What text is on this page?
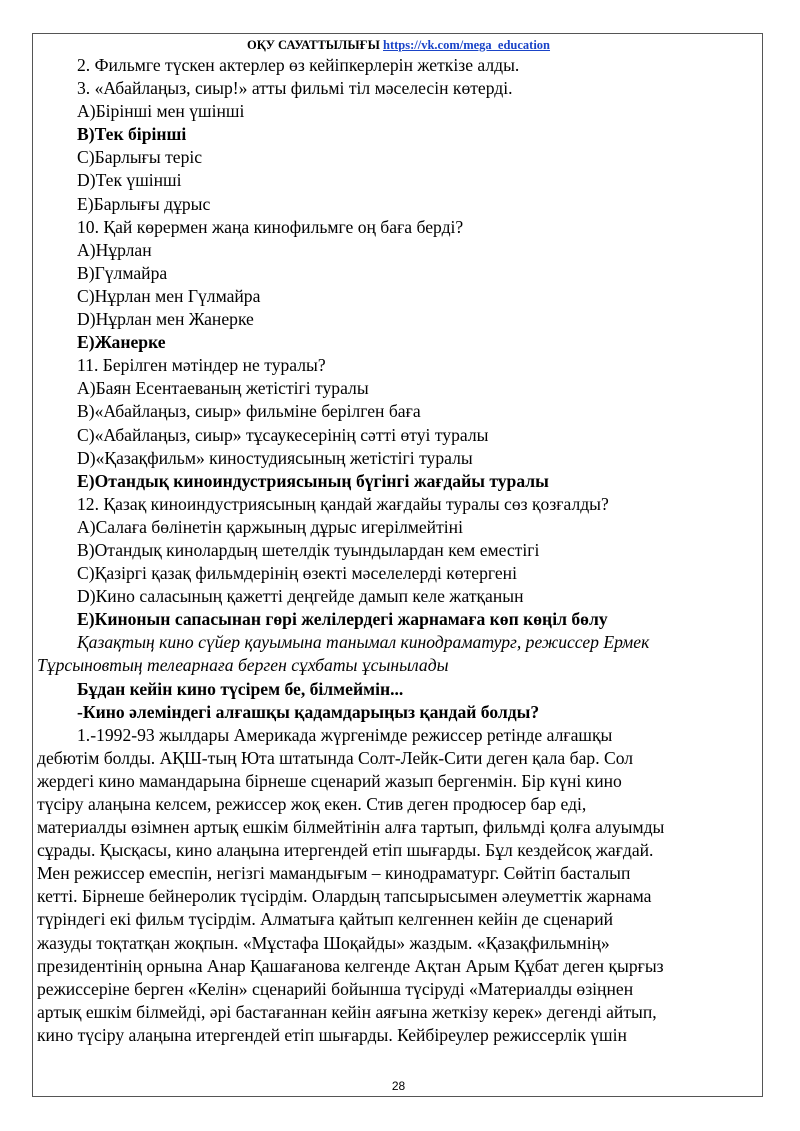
ОҚУ САУАТТЫЛЫҒЫ https://vk.com/mega_education
2. Фильмге түскен актерлер өз кейіпкерлерін жеткізе алды.
3. «Абайлаңыз, сиыр!» атты фильмі тіл мәселесін көтерді.
A)Бірінші мен үшінші
B)Тек бірінші
C)Барлығы теріс
D)Тек үшінші
E)Барлығы дұрыс
10. Қай көрермен жаңа кинофильмге оң баға берді?
A)Нұрлан
B)Гүлмайра
C)Нұрлан мен Гүлмайра
D)Нұрлан мен Жанерке
E)Жанерке
11. Берілген мәтіндер не туралы?
A)Баян Есентаеваның жетістігі туралы
B)«Абайлаңыз, сиыр» фильміне берілген баға
C)«Абайлаңыз, сиыр» тұсаукесерінің сәтті өтуі туралы
D)«Қазақфильм» киностудиясының жетістігі туралы
E)Отандық киноиндустриясының бүгінгі жағдайы туралы
12. Қазақ киноиндустриясының қандай жағдайы туралы сөз қозғалды?
A)Салаға бөлінетін қаржының дұрыс игерілмейтіні
B)Отандық кинолардың шетелдік туындылардан кем еместігі
C)Қазіргі қазақ фильмдерінің өзекті мәселелерді көтергені
D)Кино саласының қажетті деңгейде дамып келе жатқанын
E)Кинонын сапасынан гөрі желілердегі жарнамаға көп көңіл бөлу
Қазақтың кино сүйер қауымына танымал кинодраматург, режиссер Ермек
Тұрсыновтың телеарнаға берген сұхбаты ұсынылады
Бұдан кейін кино түсірем бе, білмеймін...
-Кино әлеміндегі алғашқы қадамдарыңыз қандай болды?
1.-1992-93 жылдары Америкада жүргенімде режиссер ретінде алғашқы
дебютім болды. АҚШ-тың Юта штатында Солт-Лейк-Сити деген қала бар. Сол
жердегі кино мамандарына бірнеше сценарий жазып бергенмін. Бір күні кино
түсіру алаңына келсем, режиссер жоқ екен. Стив деген продюсер бар еді,
материалды өзімнен артық ешкім білмейтінін алға тартып, фильмді қолға алуымды
сұрады. Қысқасы, кино алаңына итергендей етіп шығарды. Бұл кездейсоқ жағдай.
Мен режиссер емеспін, негізгі мамандығым – кинодраматург. Сөйтіп басталып
кетті. Бірнеше бейнеролик түсірдім. Олардың тапсырысымен әлеуметтік жарнама
түріндегі екі фильм түсірдім. Алматыға қайтып келгеннен кейін де сценарий
жазуды тоқтатқан жоқпын. «Мұстафа Шоқайды» жаздым. «Қазақфильмнің»
президентінің орнына Анар Қашағанова келгенде Ақтан Арым Құбат деген қырғыз
режиссеріне берген «Келін» сценарийі бойынша түсіруді «Материалды өзіңнен
артық ешкім білмейді, әрі бастағаннан кейін аяғына жеткізу керек» дегенді айтып,
кино түсіру алаңына итергендей етіп шығарды. Кейбіреулер режиссерлік үшін
28
